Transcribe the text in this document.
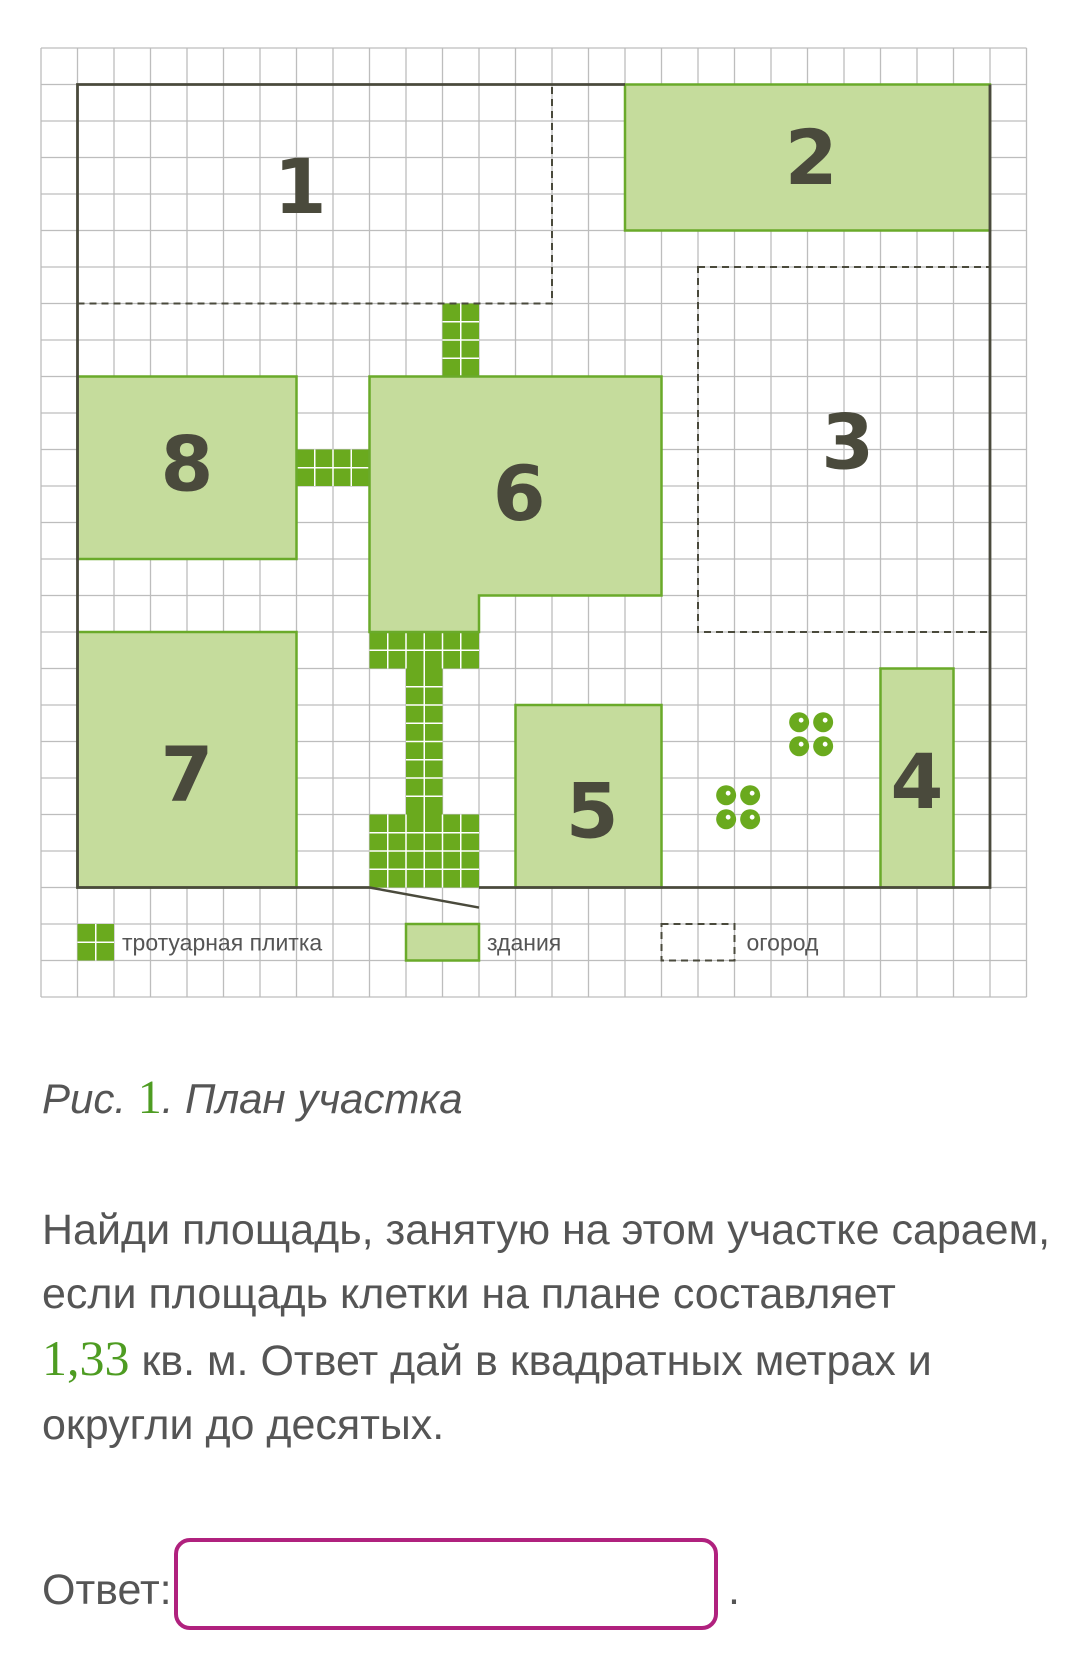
1	2
3
4
5
6
7
8
тротуарная плитка	здания	огород
Рис. 1. План участка
Найди площадь, занятую на этом участке сараем,
если площадь клетки на плане составляет
1,33 кв. м. Ответ дай в квадратных метрах и
округли до десятых.
Ответ:	.
